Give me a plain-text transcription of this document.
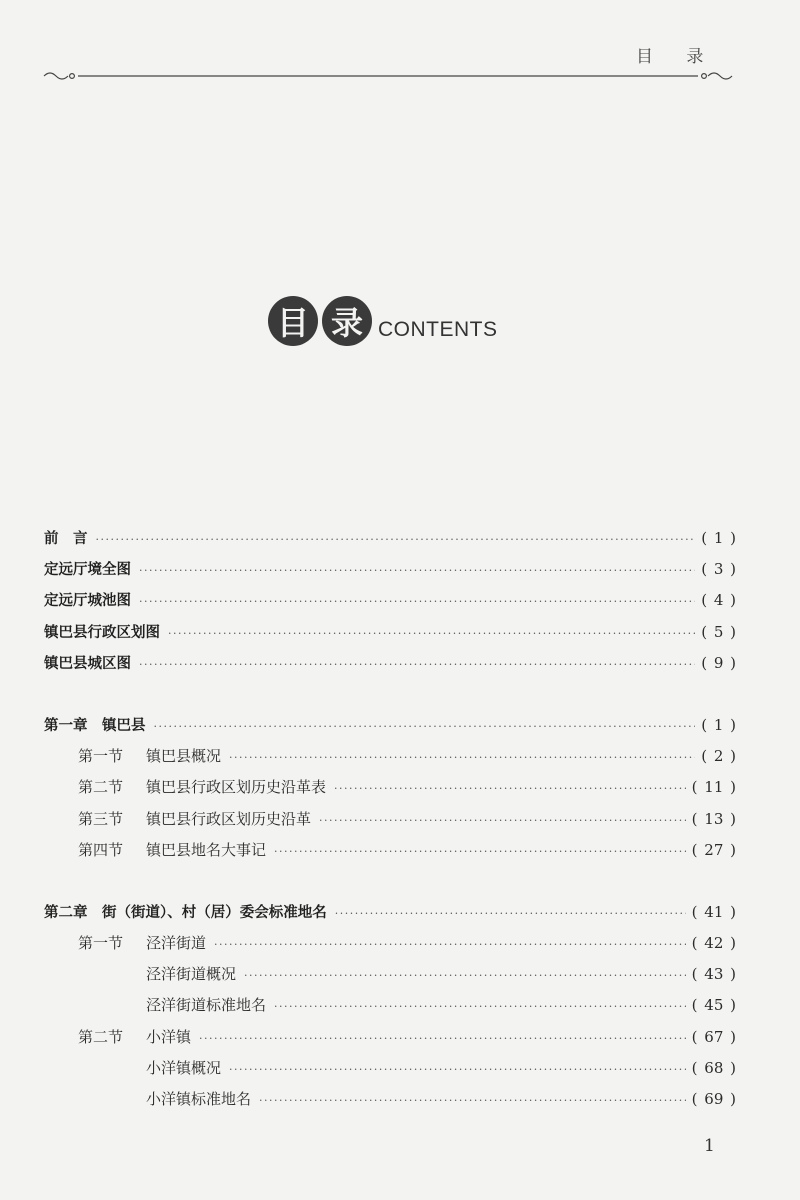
目 录
目 录 CONTENTS
前　言 ·····	( 1 )
定远厅境全图 ·····	( 3 )
定远厅城池图 ·····	( 4 )
镇巴县行政区划图 ·····	( 5 )
镇巴县城区图 ·····	( 9 )
第一章　镇巴县 ·····	( 1 )
第一节 镇巴县概况 ·····	( 2 )
第二节 镇巴县行政区划历史沿革表 ·····	( 11 )
第三节 镇巴县行政区划历史沿革 ·····	( 13 )
第四节 镇巴县地名大事记 ·····	( 27 )
第二章　街（街道）、村（居）委会标准地名 ·····	( 41 )
第一节 泾洋街道 ·····	( 42 )
泾洋街道概况 ·····	( 43 )
泾洋街道标准地名 ·····	( 45 )
第二节 小洋镇 ·····	( 67 )
小洋镇概况 ·····	( 68 )
小洋镇标准地名 ·····	( 69 )
1
